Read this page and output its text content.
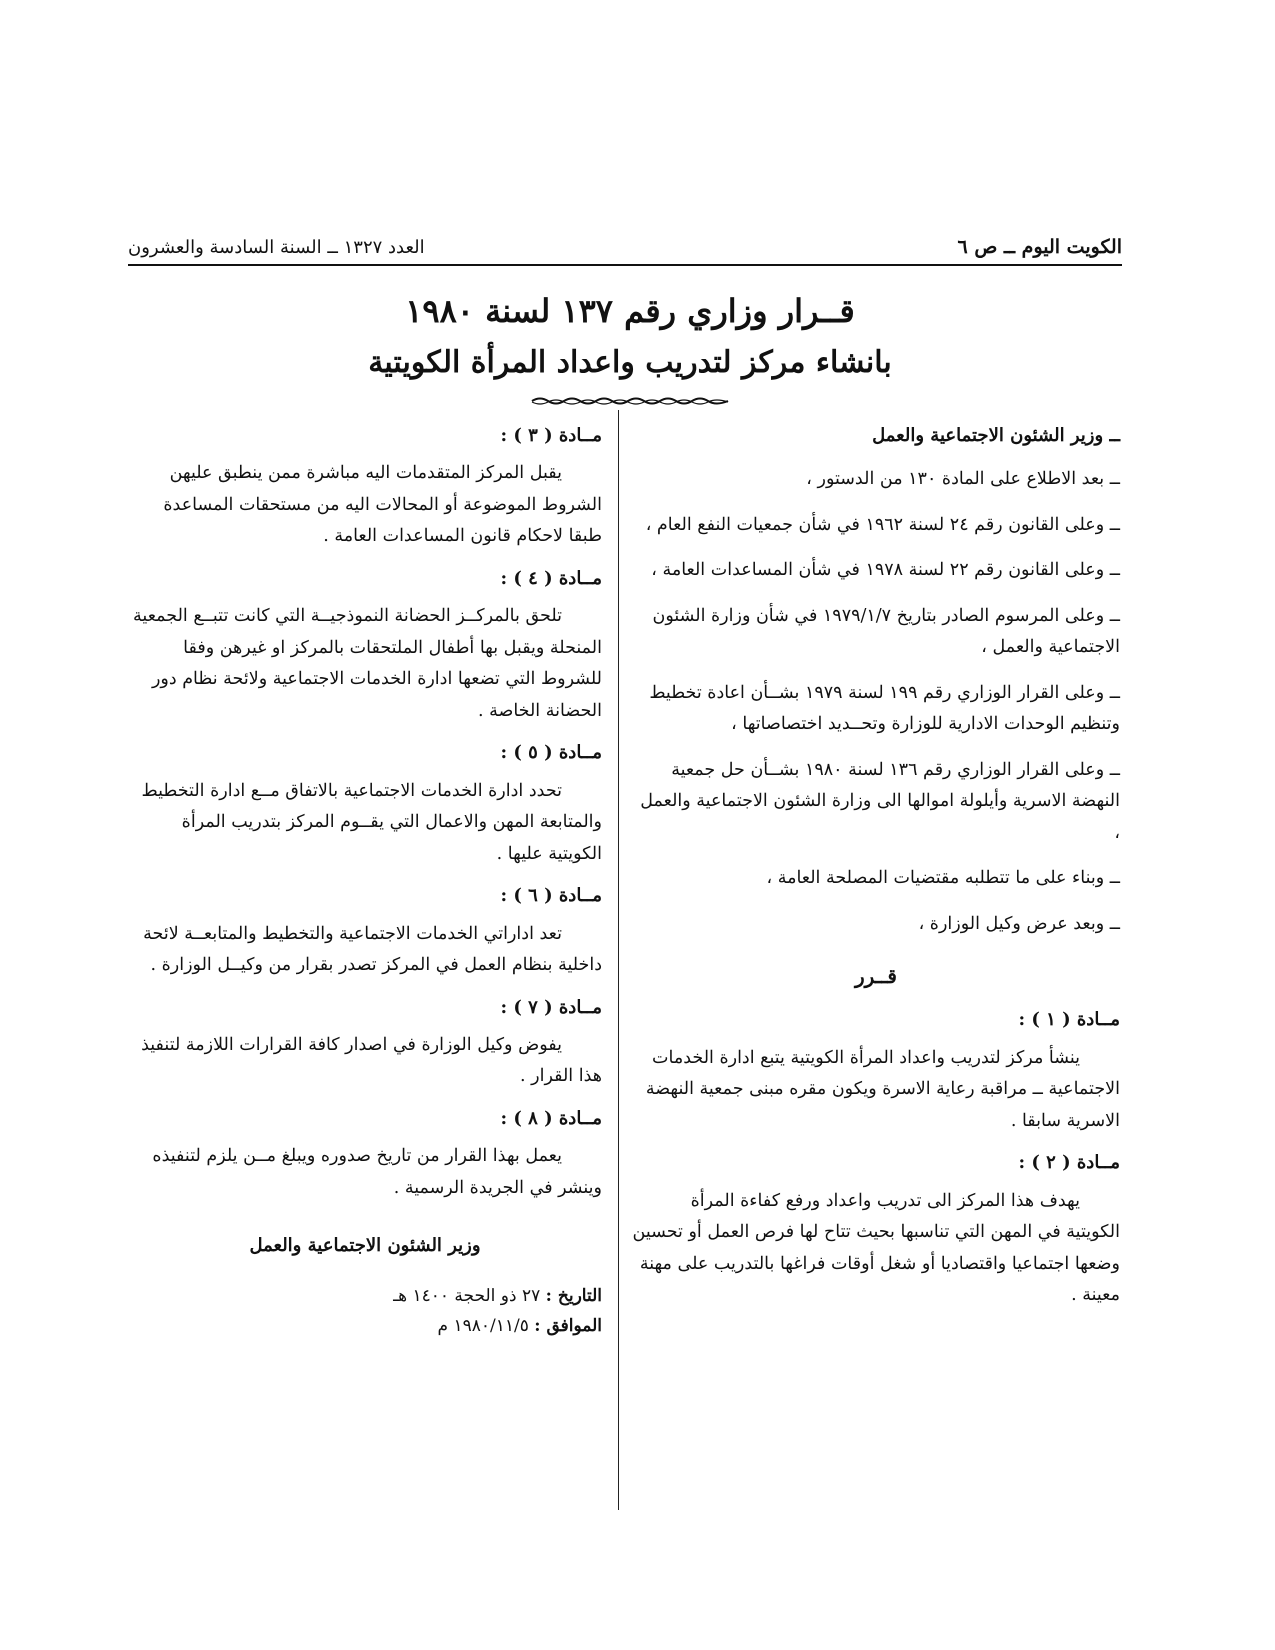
الكويت اليوم ــ ص ٦
العدد ١٣٢٧ ــ السنة السادسة والعشرون
قــرار وزاري رقم ١٣٧ لسنة ١٩٨٠
بانشاء مركز لتدريب واعداد المرأة الكويتية

ــ وزير الشئون الاجتماعية والعمل

ــ بعد الاطلاع على المادة ١٣٠ من الدستور ،

ــ وعلى القانون رقم ٢٤ لسنة ١٩٦٢ في شأن جمعيات النفع العام ،

ــ وعلى القانون رقم ٢٢ لسنة ١٩٧٨ في شأن المساعدات العامة ،

ــ وعلى المرسوم الصادر بتاريخ ١٩٧٩/١/٧ في شأن وزارة الشئون الاجتماعية والعمل ،

ــ وعلى القرار الوزاري رقم ١٩٩ لسنة ١٩٧٩ بشــأن اعادة تخطيط وتنظيم الوحدات الادارية للوزارة وتحــديد اختصاصاتها ،

ــ وعلى القرار الوزاري رقم ١٣٦ لسنة ١٩٨٠ بشــأن حل جمعية النهضة الاسرية وأيلولة اموالها الى وزارة الشئون الاجتماعية والعمل ،

ــ وبناء على ما تتطلبه مقتضيات المصلحة العامة ،

ــ وبعد عرض وكيل الوزارة ،

قــرر

مــادة ( ١ ) :

ينشأ مركز لتدريب واعداد المرأة الكويتية يتبع ادارة الخدمات الاجتماعية ــ مراقبة رعاية الاسرة ويكون مقره مبنى جمعية النهضة الاسرية سابقا .

مــادة ( ٢ ) :

يهدف هذا المركز الى تدريب واعداد ورفع كفاءة المرأة الكويتية في المهن التي تناسبها بحيث تتاح لها فرص العمل أو تحسين وضعها اجتماعيا واقتصاديا أو شغل أوقات فراغها بالتدريب على مهنة معينة .

مــادة ( ٣ ) :

يقبل المركز المتقدمات اليه مباشرة ممن ينطبق عليهن الشروط الموضوعة أو المحالات اليه من مستحقات المساعدة طبقا لاحكام قانون المساعدات العامة .

مــادة ( ٤ ) :

تلحق بالمركــز الحضانة النموذجيــة التي كانت تتبــع الجمعية المنحلة ويقبل بها أطفال الملتحقات بالمركز او غيرهن وفقا للشروط التي تضعها ادارة الخدمات الاجتماعية ولائحة نظام دور الحضانة الخاصة .

مــادة ( ٥ ) :

تحدد ادارة الخدمات الاجتماعية بالاتفاق مــع ادارة التخطيط والمتابعة المهن والاعمال التي يقــوم المركز بتدريب المرأة الكويتية عليها .

مــادة ( ٦ ) :

تعد اداراتي الخدمات الاجتماعية والتخطيط والمتابعــة لائحة داخلية بنظام العمل في المركز تصدر بقرار من وكيــل الوزارة .

مــادة ( ٧ ) :

يفوض وكيل الوزارة في اصدار كافة القرارات اللازمة لتنفيذ هذا القرار .

مــادة ( ٨ ) :

يعمل بهذا القرار من تاريخ صدوره ويبلغ مــن يلزم لتنفيذه وينشر في الجريدة الرسمية .

وزير الشئون الاجتماعية والعمل

التاريخ : ٢٧ ذو الحجة ١٤٠٠ هـ

الموافق : ١٩٨٠/١١/٥ م
